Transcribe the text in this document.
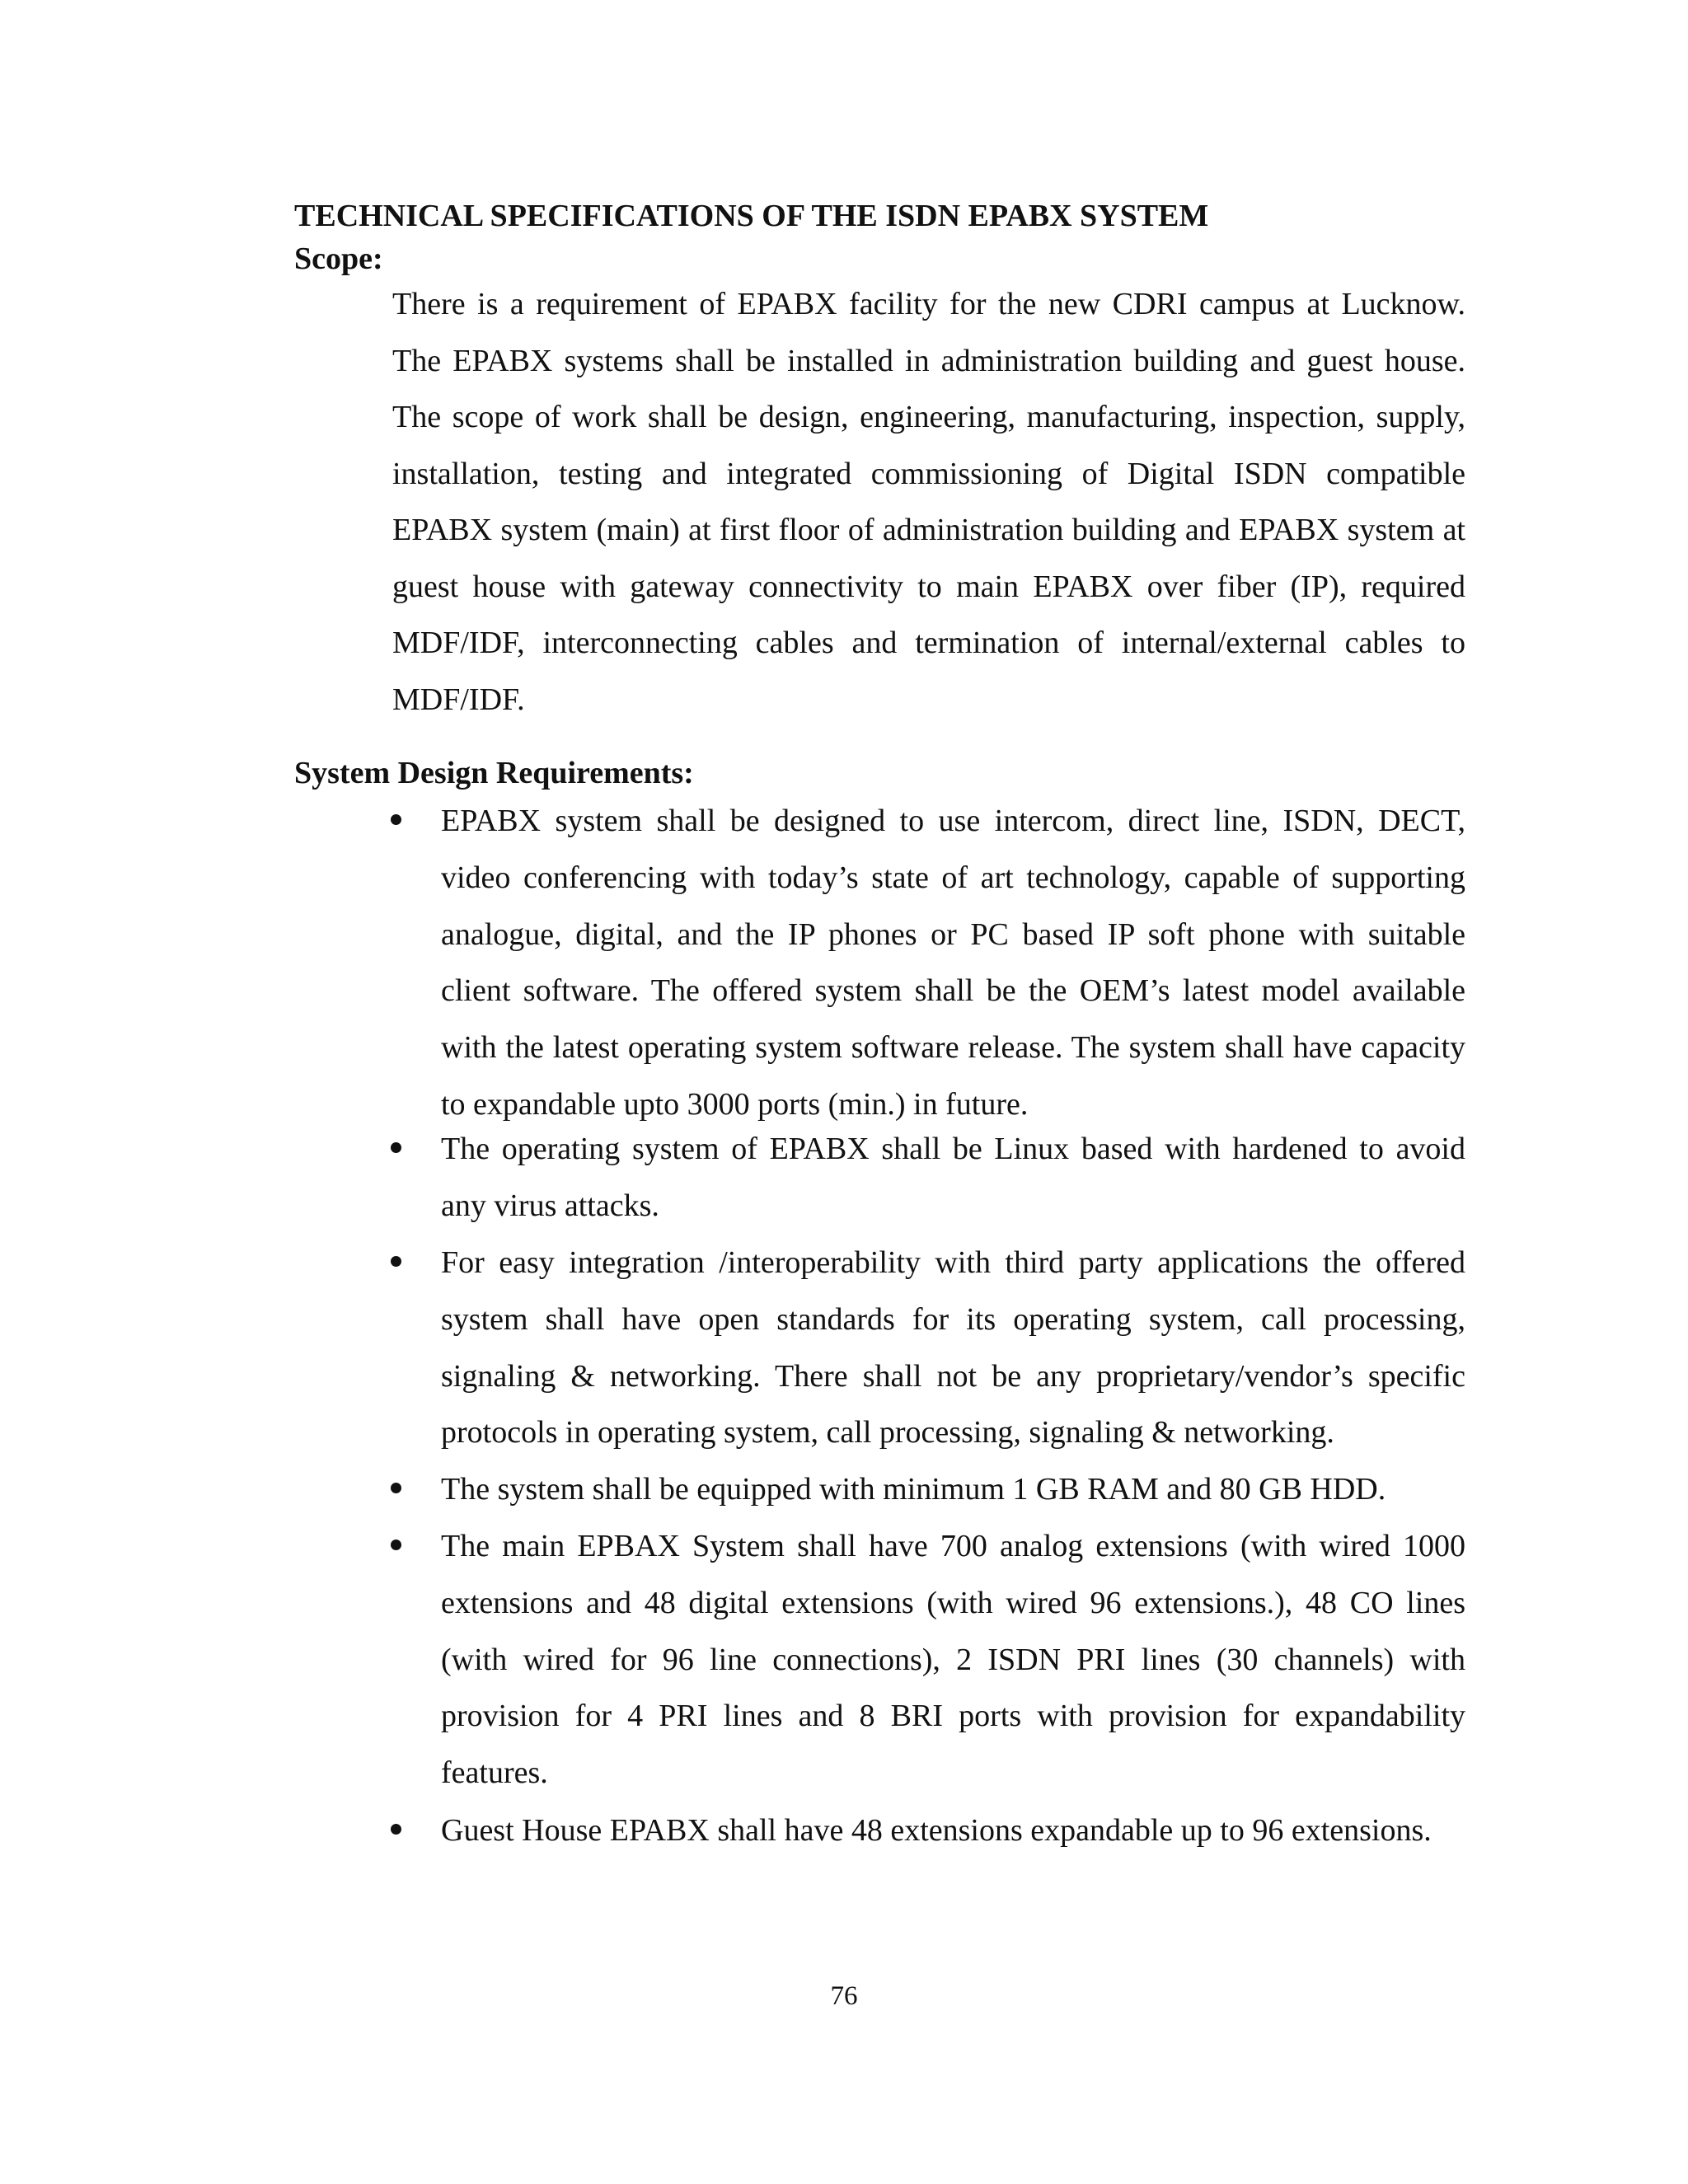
TECHNICAL SPECIFICATIONS OF THE ISDN EPABX SYSTEM
Scope:

There is a requirement of EPABX facility for the new CDRI campus at Lucknow. The EPABX systems shall be installed in administration building and guest house. The scope of work shall be design, engineering, manufacturing, inspection, supply, installation, testing and integrated commissioning of Digital ISDN compatible EPABX system (main) at first floor of administration building and EPABX system at guest house with gateway connectivity to main EPABX over fiber (IP), required MDF/IDF, interconnecting cables and termination of internal/external cables to MDF/IDF.

System Design Requirements:

EPABX system shall be designed to use intercom, direct line, ISDN, DECT, video conferencing with today’s state of art technology, capable of supporting analogue, digital, and the IP phones or PC based IP soft phone with suitable client software. The offered system shall be the OEM’s latest model available with the latest operating system software release. The system shall have capacity to expandable upto 3000 ports (min.) in future.

The operating system of EPABX shall be Linux based with hardened to avoid any virus attacks.

For easy integration /interoperability with third party applications the offered system shall have open standards for its operating system, call processing, signaling & networking. There shall not be any proprietary/vendor’s specific protocols in operating system, call processing, signaling & networking.

The system shall be equipped with minimum 1 GB RAM and 80 GB HDD.

The main EPBAX System shall have 700 analog extensions (with wired 1000 extensions and 48 digital extensions (with wired 96 extensions.), 48 CO lines (with wired for 96 line connections), 2 ISDN PRI lines (30 channels) with provision for 4 PRI lines and 8 BRI ports with provision for expandability features.

Guest House EPABX shall have 48 extensions expandable up to 96 extensions.

76
